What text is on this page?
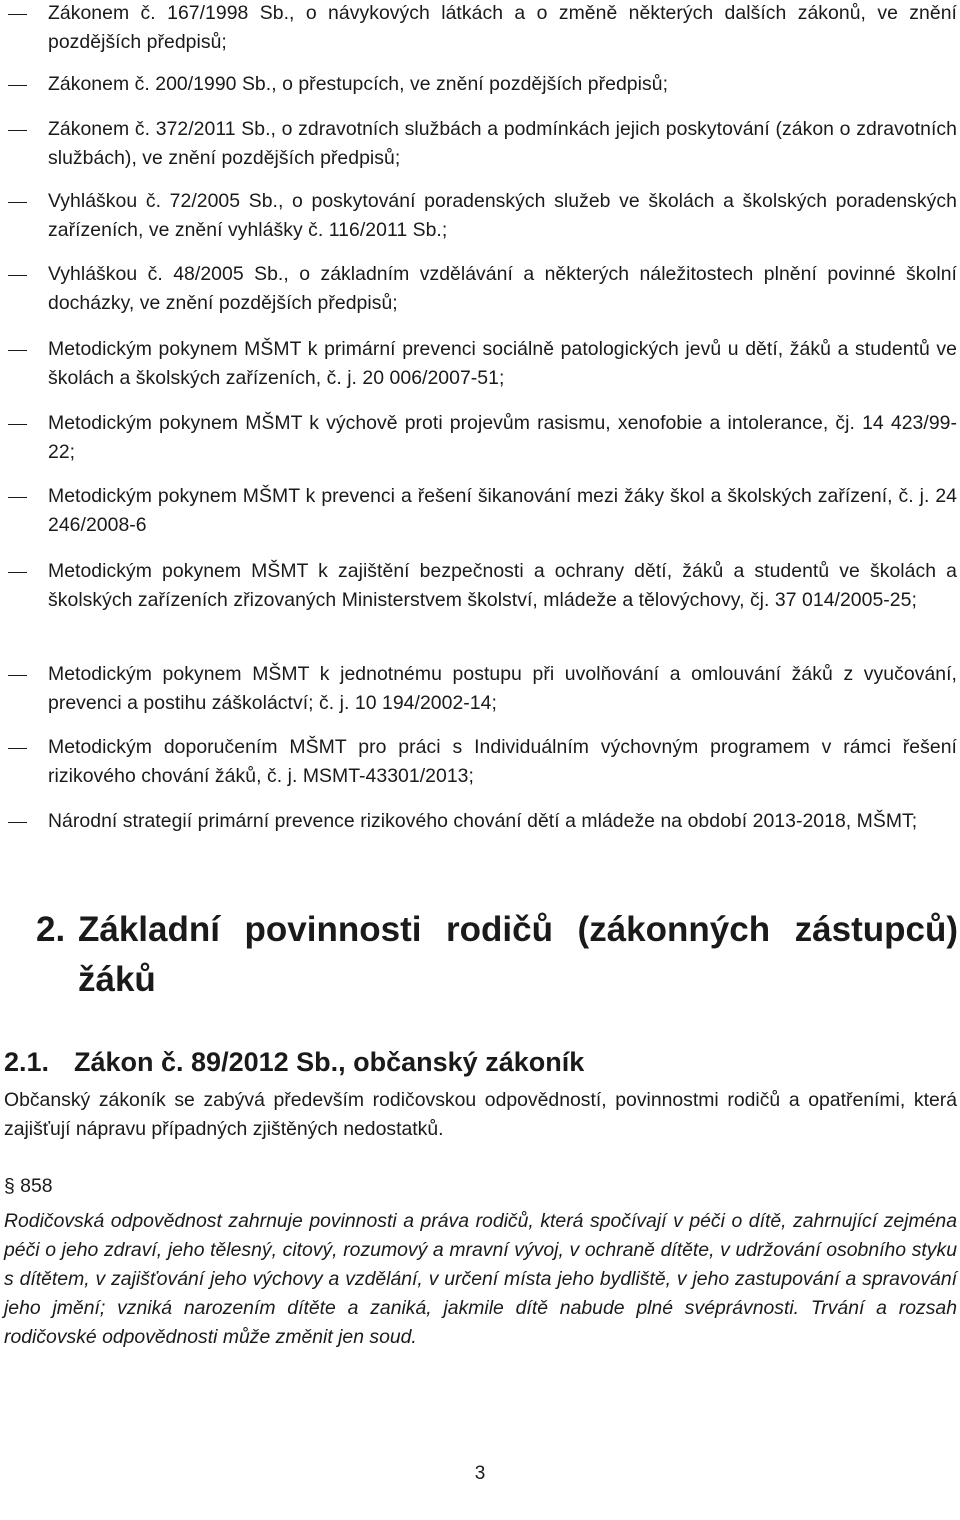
Zákonem č. 167/1998 Sb., o návykových látkách a o změně některých dalších zákonů, ve znění pozdějších předpisů;
Zákonem č. 200/1990 Sb., o přestupcích, ve znění pozdějších předpisů;
Zákonem č. 372/2011 Sb., o zdravotních službách a podmínkách jejich poskytování (zákon o zdravotních službách), ve znění pozdějších předpisů;
Vyhláškou č. 72/2005 Sb., o poskytování poradenských služeb ve školách a školských poradenských zařízeních, ve znění vyhlášky č. 116/2011 Sb.;
Vyhláškou č. 48/2005 Sb., o základním vzdělávání a některých náležitostech plnění povinné školní docházky, ve znění pozdějších předpisů;
Metodickým pokynem MŠMT k primární prevenci sociálně patologických jevů u dětí, žáků a studentů ve školách a školských zařízeních, č. j. 20 006/2007-51;
Metodickým pokynem MŠMT k výchově proti projevům rasismu, xenofobie a intolerance, čj. 14 423/99-22;
Metodickým pokynem MŠMT k prevenci a řešení šikanování mezi žáky škol a školských zařízení, č. j. 24 246/2008-6
Metodickým pokynem MŠMT k zajištění bezpečnosti a ochrany dětí, žáků a studentů ve školách a školských zařízeních zřizovaných Ministerstvem školství, mládeže a tělovýchovy, čj. 37 014/2005-25;
Metodickým pokynem MŠMT k jednotnému postupu při uvolňování a omlouvání žáků z vyučování, prevenci a postihu záškoláctví; č. j. 10 194/2002-14;
Metodickým doporučením MŠMT pro práci s Individuálním výchovným programem v rámci řešení rizikového chování žáků, č. j. MSMT-43301/2013;
Národní strategií primární prevence rizikového chování dětí a mládeže na období 2013-2018, MŠMT;
2. Základní povinnosti rodičů (zákonných zástupců) žáků
2.1. Zákon č. 89/2012 Sb., občanský zákoník

Občanský zákoník se zabývá především rodičovskou odpovědností, povinnostmi rodičů a opatřeními, která zajišťují nápravu případných zjištěných nedostatků.

§ 858

Rodičovská odpovědnost zahrnuje povinnosti a práva rodičů, která spočívají v péči o dítě, zahrnující zejména péči o jeho zdraví, jeho tělesný, citový, rozumový a mravní vývoj, v ochraně dítěte, v udržování osobního styku s dítětem, v zajišťování jeho výchovy a vzdělání, v určení místa jeho bydliště, v jeho zastupování a spravování jeho jmění; vzniká narozením dítěte a zaniká, jakmile dítě nabude plné svéprávnosti. Trvání a rozsah rodičovské odpovědnosti může změnit jen soud.

3
